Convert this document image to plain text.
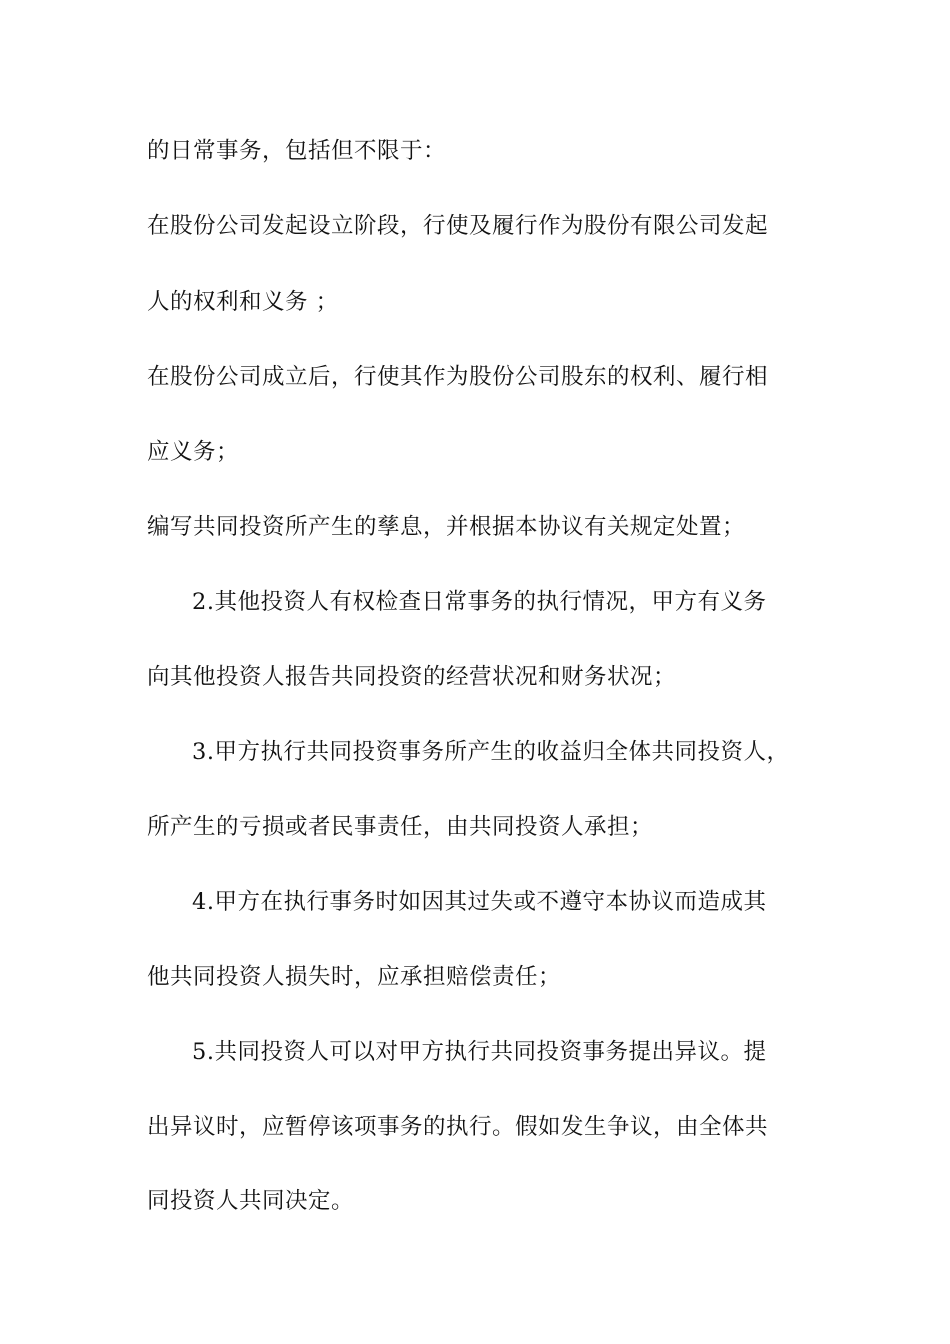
的日常事务，包括但不限于：
在股份公司发起设立阶段，行使及履行作为股份有限公司发起
人的权利和义务 ；
在股份公司成立后，行使其作为股份公司股东的权利、履行相
应义务；
编写共同投资所产生的孳息，并根据本协议有关规定处置；
2.其他投资人有权检查日常事务的执行情况，甲方有义务
向其他投资人报告共同投资的经营状况和财务状况；
3.甲方执行共同投资事务所产生的收益归全体共同投资人，
所产生的亏损或者民事责任，由共同投资人承担；
4.甲方在执行事务时如因其过失或不遵守本协议而造成其
他共同投资人损失时，应承担赔偿责任；
5.共同投资人可以对甲方执行共同投资事务提出异议。提
出异议时，应暂停该项事务的执行。假如发生争议，由全体共
同投资人共同决定。
